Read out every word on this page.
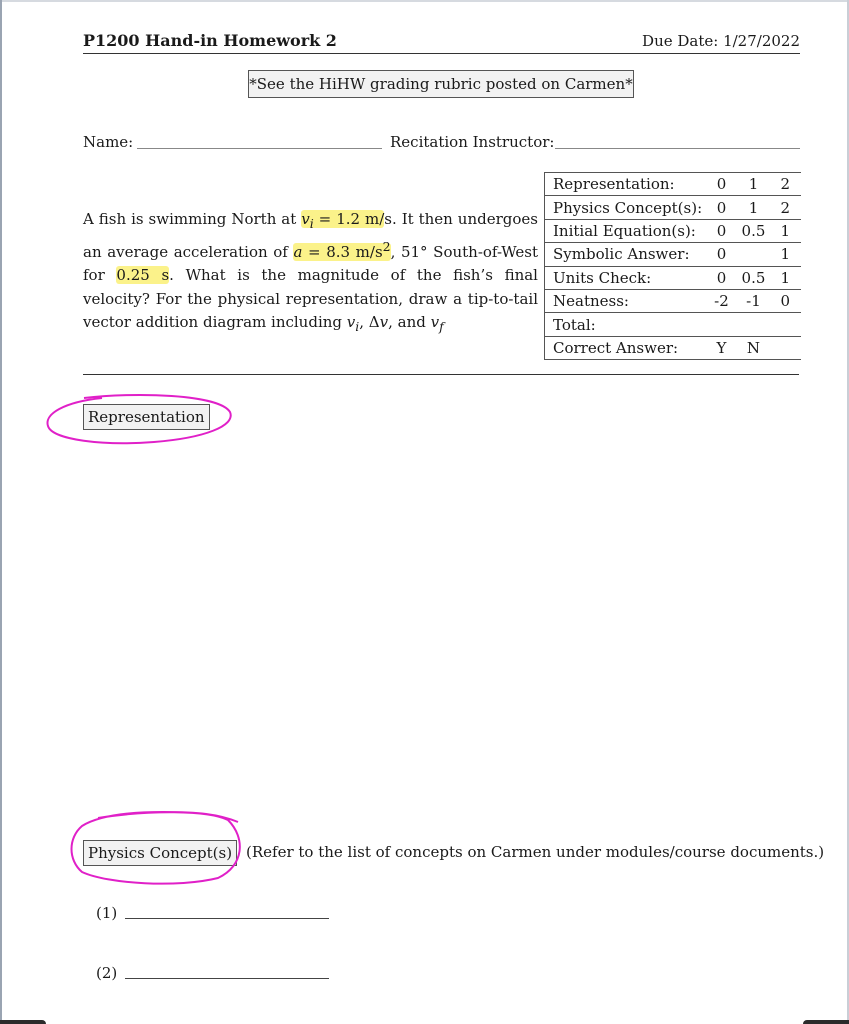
P1200 Hand-in Homework 2	Due Date: 1/27/2022
*See the HiHW grading rubric posted on Carmen*
Name:	Recitation Instructor:
A fish is swimming North at $v_i = 1.2$ m/s. It then undergoes an average acceleration of a = 8.3 $m/s^2$, 51° South-of-West for 0.25 s. What is the magnitude of the fish’s final velocity? For the physical representation, draw a tip-to-tail vector addition diagram including $v_i$, Δv, and $v_f$
Representation:	0	1	2
Physics Concept(s):	0	1	2
Initial Equation(s):	0	0.5	1
Symbolic Answer:	0		1
Units Check:	0	0.5	1
Neatness:	-2	-1	0
Total:			
Correct Answer:	Y	N	
Representation
Physics Concept(s) (Refer to the list of concepts on Carmen under modules/course documents.)
(1)
(2)
